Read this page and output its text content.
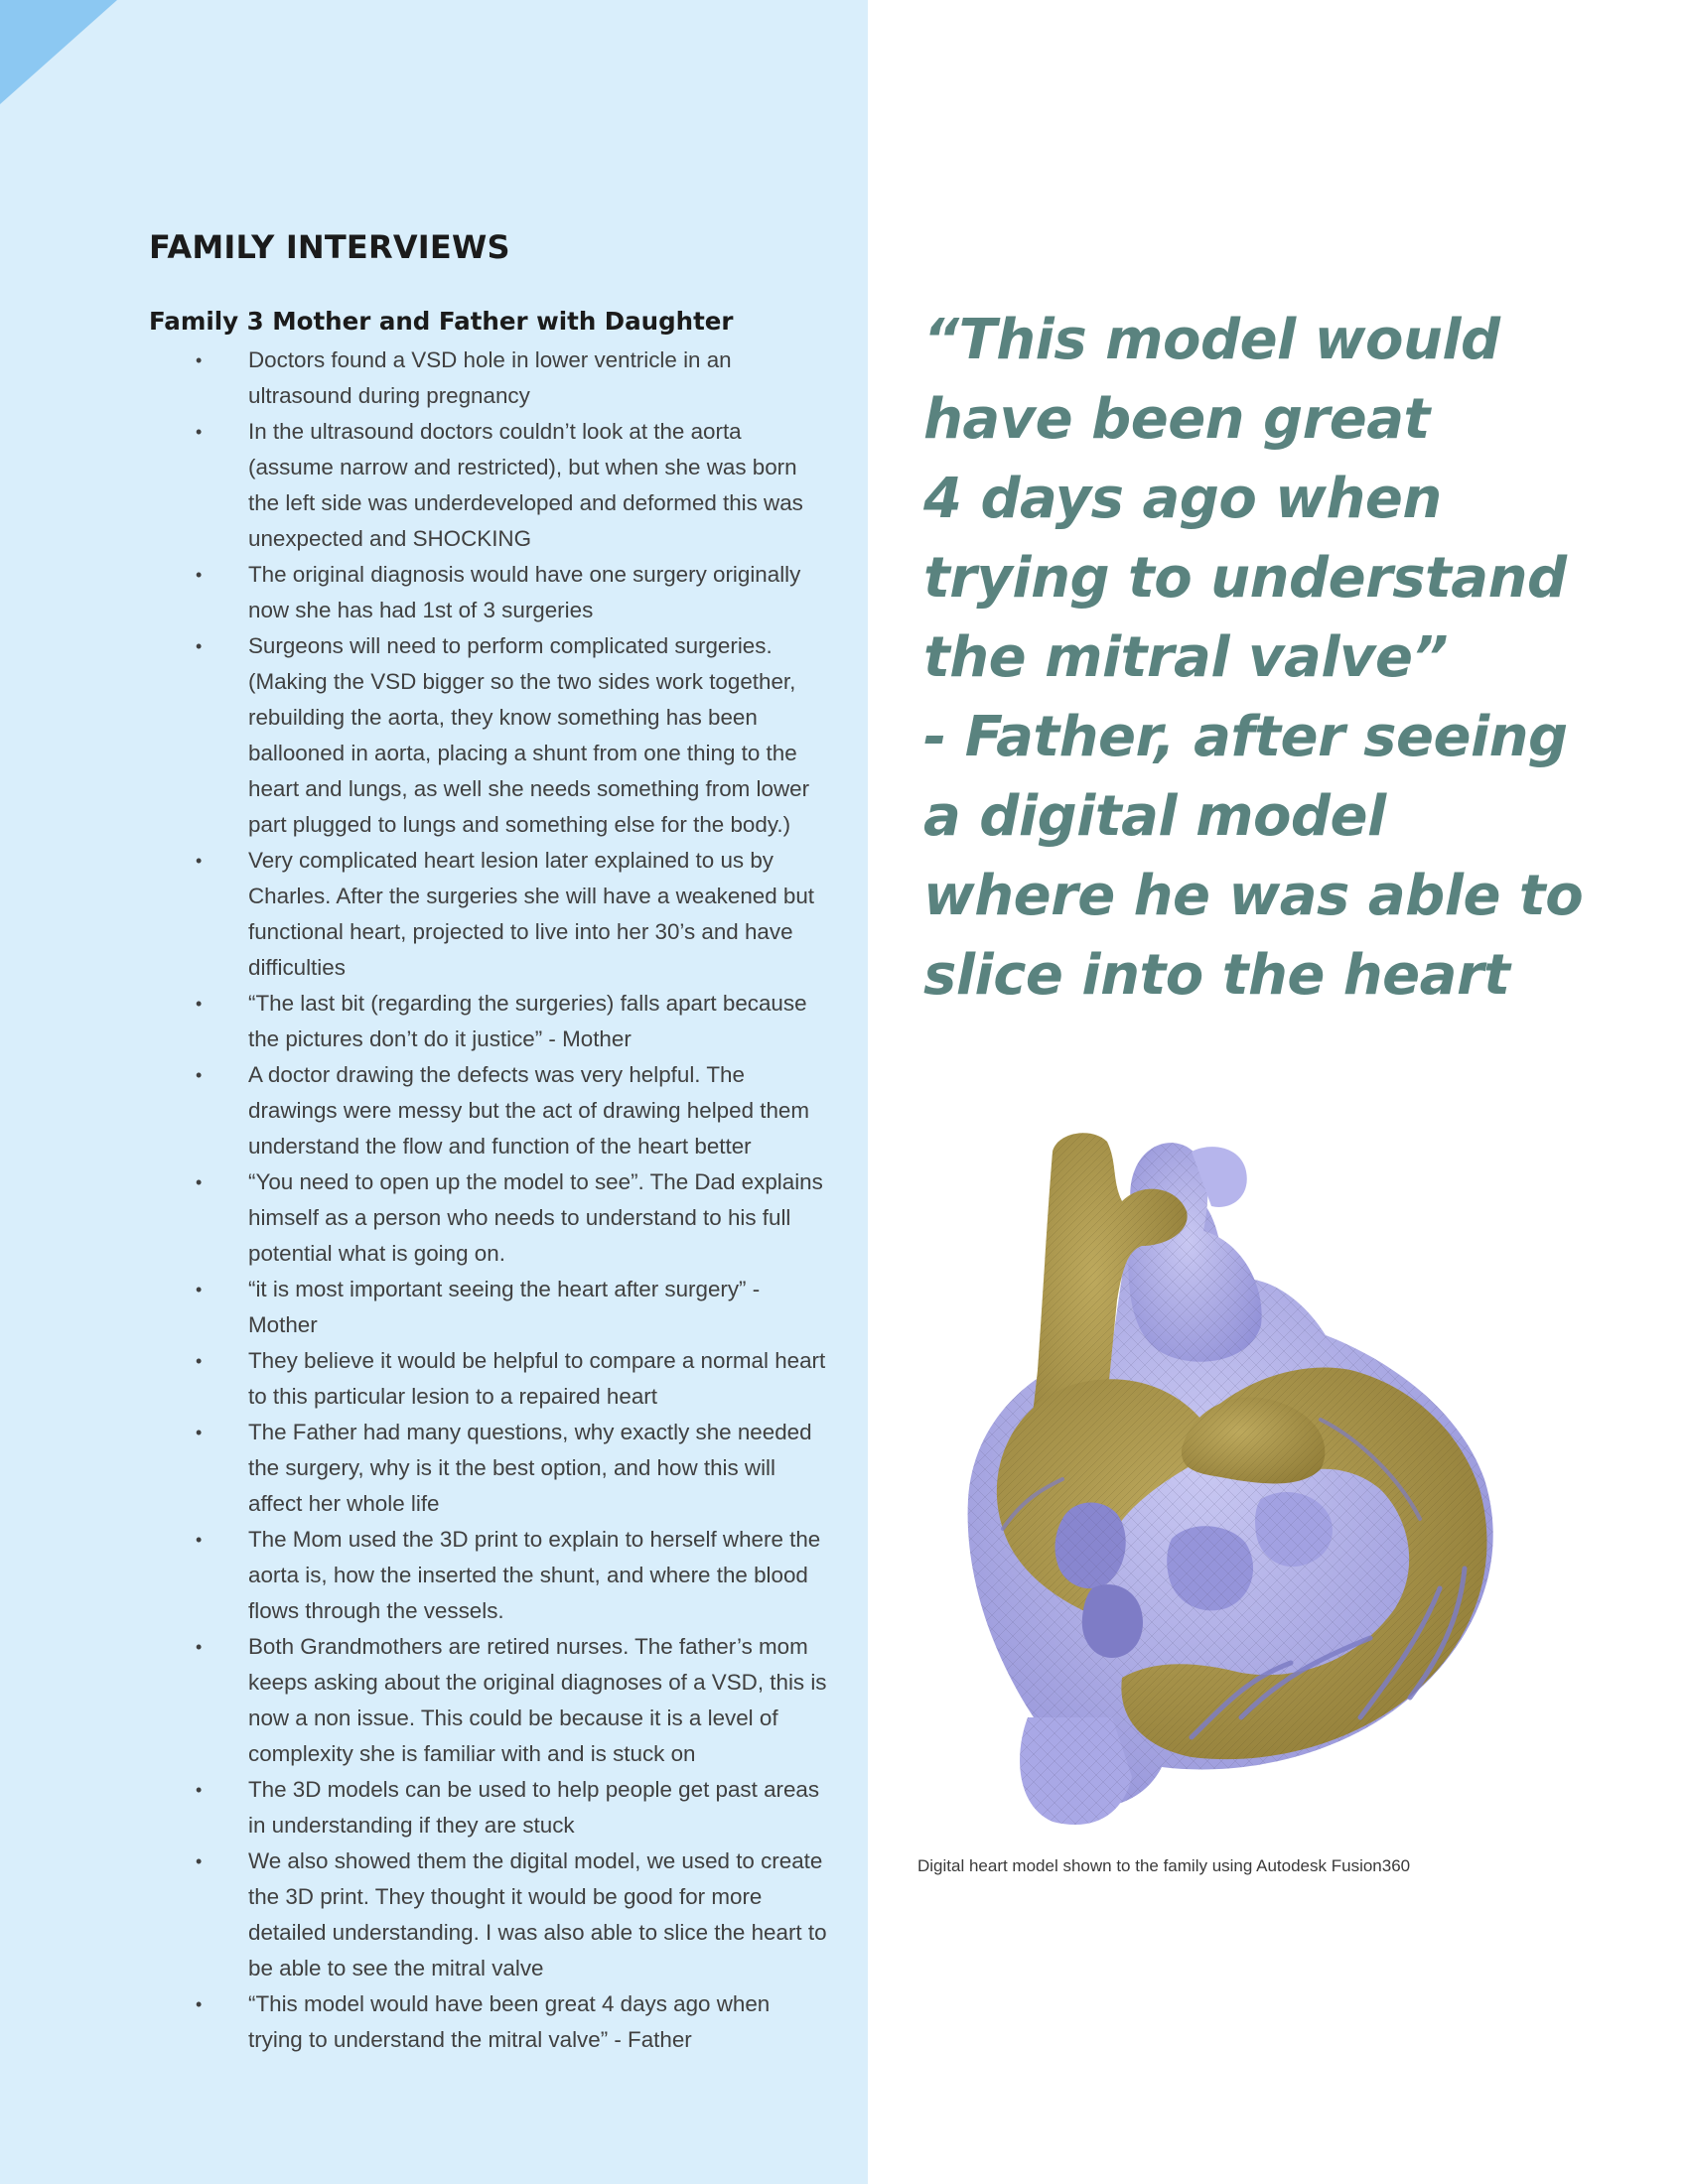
FAMILY INTERVIEWS
Family 3 Mother and Father with Daughter
• Doctors found a VSD hole in lower ventricle in an ultrasound during pregnancy
• In the ultrasound doctors couldn’t look at the aorta (assume narrow and restricted), but when she was born the left side was underdeveloped and deformed this was unexpected and SHOCKING
• The original diagnosis would have one surgery originally now she has had 1st of 3 surgeries
• Surgeons will need to perform complicated surgeries. (Making the VSD bigger so the two sides work together, rebuilding the aorta, they know something has been ballooned in aorta, placing a shunt from one thing to the heart and lungs, as well she needs something from lower part plugged to lungs and something else for the body.)
• Very complicated heart lesion later explained to us by Charles. After the surgeries she will have a weakened but functional heart, projected to live into her 30’s and have difficulties
• “The last bit (regarding the surgeries) falls apart because the pictures don’t do it justice” - Mother
• A doctor drawing the defects was very helpful. The drawings were messy but the act of drawing helped them understand the flow and function of the heart better
• “You need to open up the model to see”. The Dad explains himself as a person who needs to understand to his full potential what is going on.
• “it is most important seeing the heart after surgery” - Mother
• They believe it would be helpful to compare a normal heart to this particular lesion to a repaired heart
• The Father had many questions, why exactly she needed the surgery, why is it the best option, and how this will affect her whole life
• The Mom used the 3D print to explain to herself where the aorta is, how the inserted the shunt, and where the blood flows through the vessels.
• Both Grandmothers are retired nurses. The father’s mom keeps asking about the original diagnoses of a VSD, this is now a non issue. This could be because it is a level of complexity she is familiar with and is stuck on
• The 3D models can be used to help people get past areas in understanding if they are stuck
• We also showed them the digital model, we used to create the 3D print. They thought it would be good for more detailed understanding. I was also able to slice the heart to be able to see the mitral valve
• “This model would have been great 4 days ago when trying to understand the mitral valve” - Father
“This model would
have been great
4 days ago when
trying to understand
the mitral valve”
- Father, after seeing
a digital model
where he was able to
slice into the heart

Digital heart model shown to the family using Autodesk Fusion360
